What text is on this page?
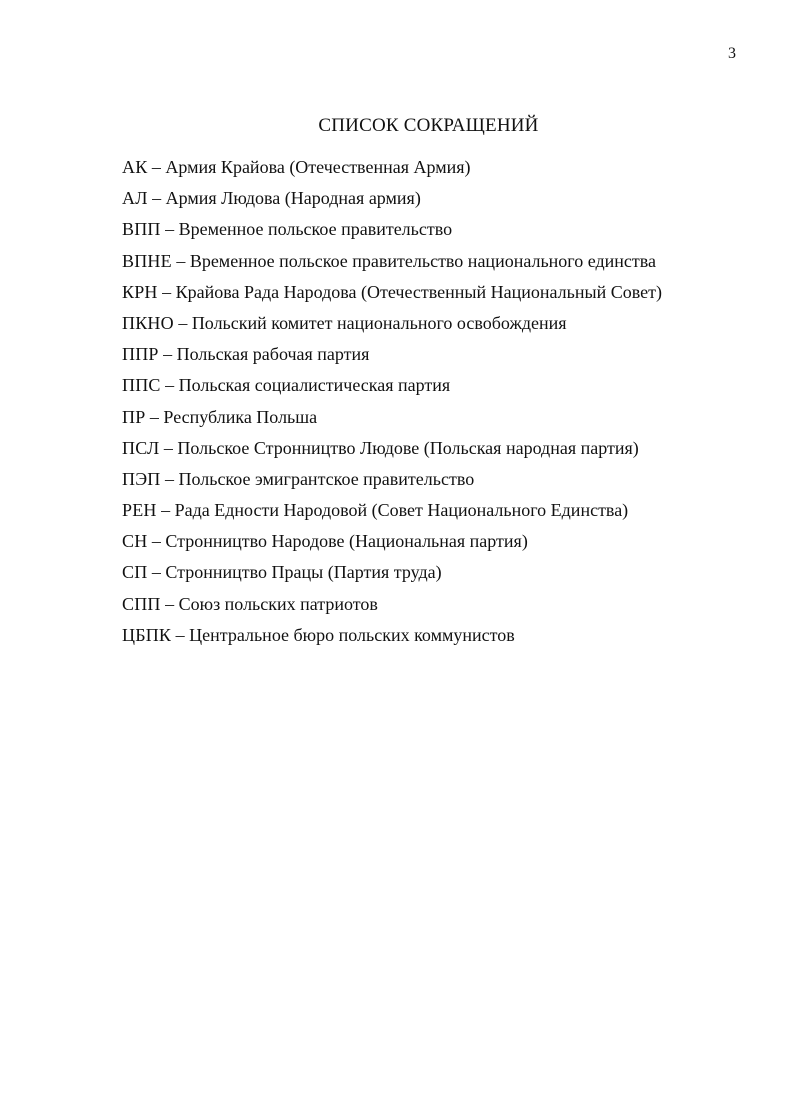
3
СПИСОК СОКРАЩЕНИЙ
АК – Армия Крайова (Отечественная Армия)
АЛ – Армия Людова (Народная армия)
ВПП – Временное польское правительство
ВПНЕ – Временное польское правительство национального единства
КРН – Крайова Рада Народова (Отечественный Национальный Совет)
ПКНО – Польский комитет национального освобождения
ППР – Польская рабочая партия
ППС – Польская социалистическая партия
ПР – Республика Польша
ПСЛ – Польское Стронництво Людове (Польская народная партия)
ПЭП – Польское эмигрантское правительство
РЕН – Рада Едности Народовой (Совет Национального Единства)
СН – Стронництво Народове (Национальная партия)
СП – Стронництво Працы (Партия труда)
СПП – Союз польских патриотов
ЦБПК – Центральное бюро польских коммунистов
